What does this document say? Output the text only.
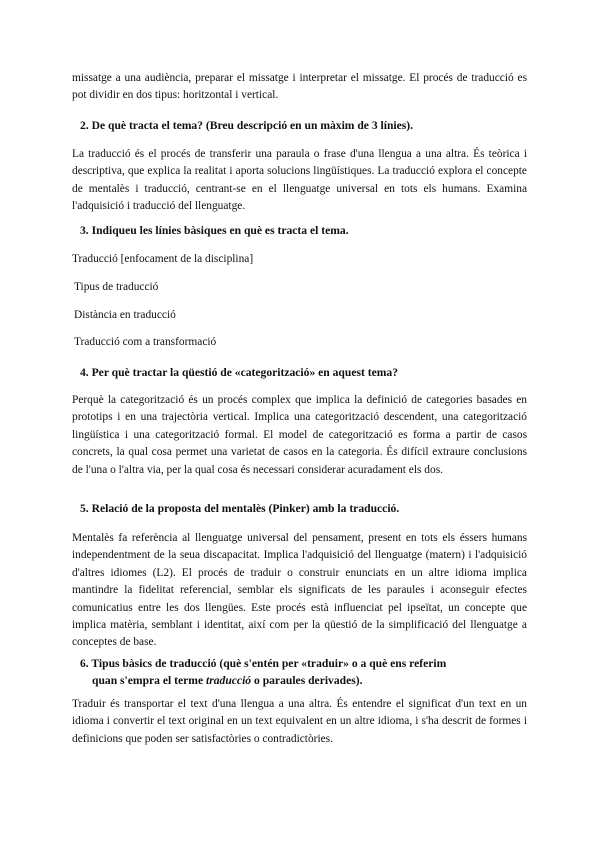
missatge a una audiència, preparar el missatge i interpretar el missatge. El procés de traducció es pot dividir en dos tipus: horitzontal i vertical.

2. De què tracta el tema? (Breu descripció en un màxim de 3 línies).

La traducció és el procés de transferir una paraula o frase d'una llengua a una altra. És teòrica i descriptiva, que explica la realitat i aporta solucions lingüístiques. La traducció explora el concepte de mentalès i traducció, centrant-se en el llenguatge universal en tots els humans. Examina l'adquisició i traducció del llenguatge.

3. Indiqueu les línies bàsiques en què es tracta el tema.

Traducció [enfocament de la disciplina]

Tipus de traducció

Distància en traducció

Traducció com a transformació

4. Per què tractar la qüestió de «categorització» en aquest tema?

Perquè la categorització és un procés complex que implica la definició de categories basades en prototips i en una trajectòria vertical. Implica una categorització descendent, una categorització lingüística i una categorització formal. El model de categorització es forma a partir de casos concrets, la qual cosa permet una varietat de casos en la categoria. És difícil extraure conclusions de l'una o l'altra via, per la qual cosa és necessari considerar acuradament els dos.

5. Relació de la proposta del mentalès (Pinker) amb la traducció.

Mentalès fa referència al llenguatge universal del pensament, present en tots els éssers humans independentment de la seua discapacitat. Implica l'adquisició del llenguatge (matern) i l'adquisició d'altres idiomes (L2). El procés de traduir o construir enunciats en un altre idioma implica mantindre la fidelitat referencial, semblar els significats de les paraules i aconseguir efectes comunicatius entre les dos llengües. Este procés està influenciat pel ipseïtat, un concepte que implica matèria, semblant i identitat, així com per la qüestió de la simplificació del llenguatge a conceptes de base.

6. Tipus bàsics de traducció (què s'entén per «traduir» o a què ens referim
quan s'empra el terme traducció o paraules derivades).

Traduir és transportar el text d'una llengua a una altra. És entendre el significat d'un text en un idioma i convertir el text original en un text equivalent en un altre idioma, i s'ha descrit de formes i definicions que poden ser satisfactòries o contradictòries.
